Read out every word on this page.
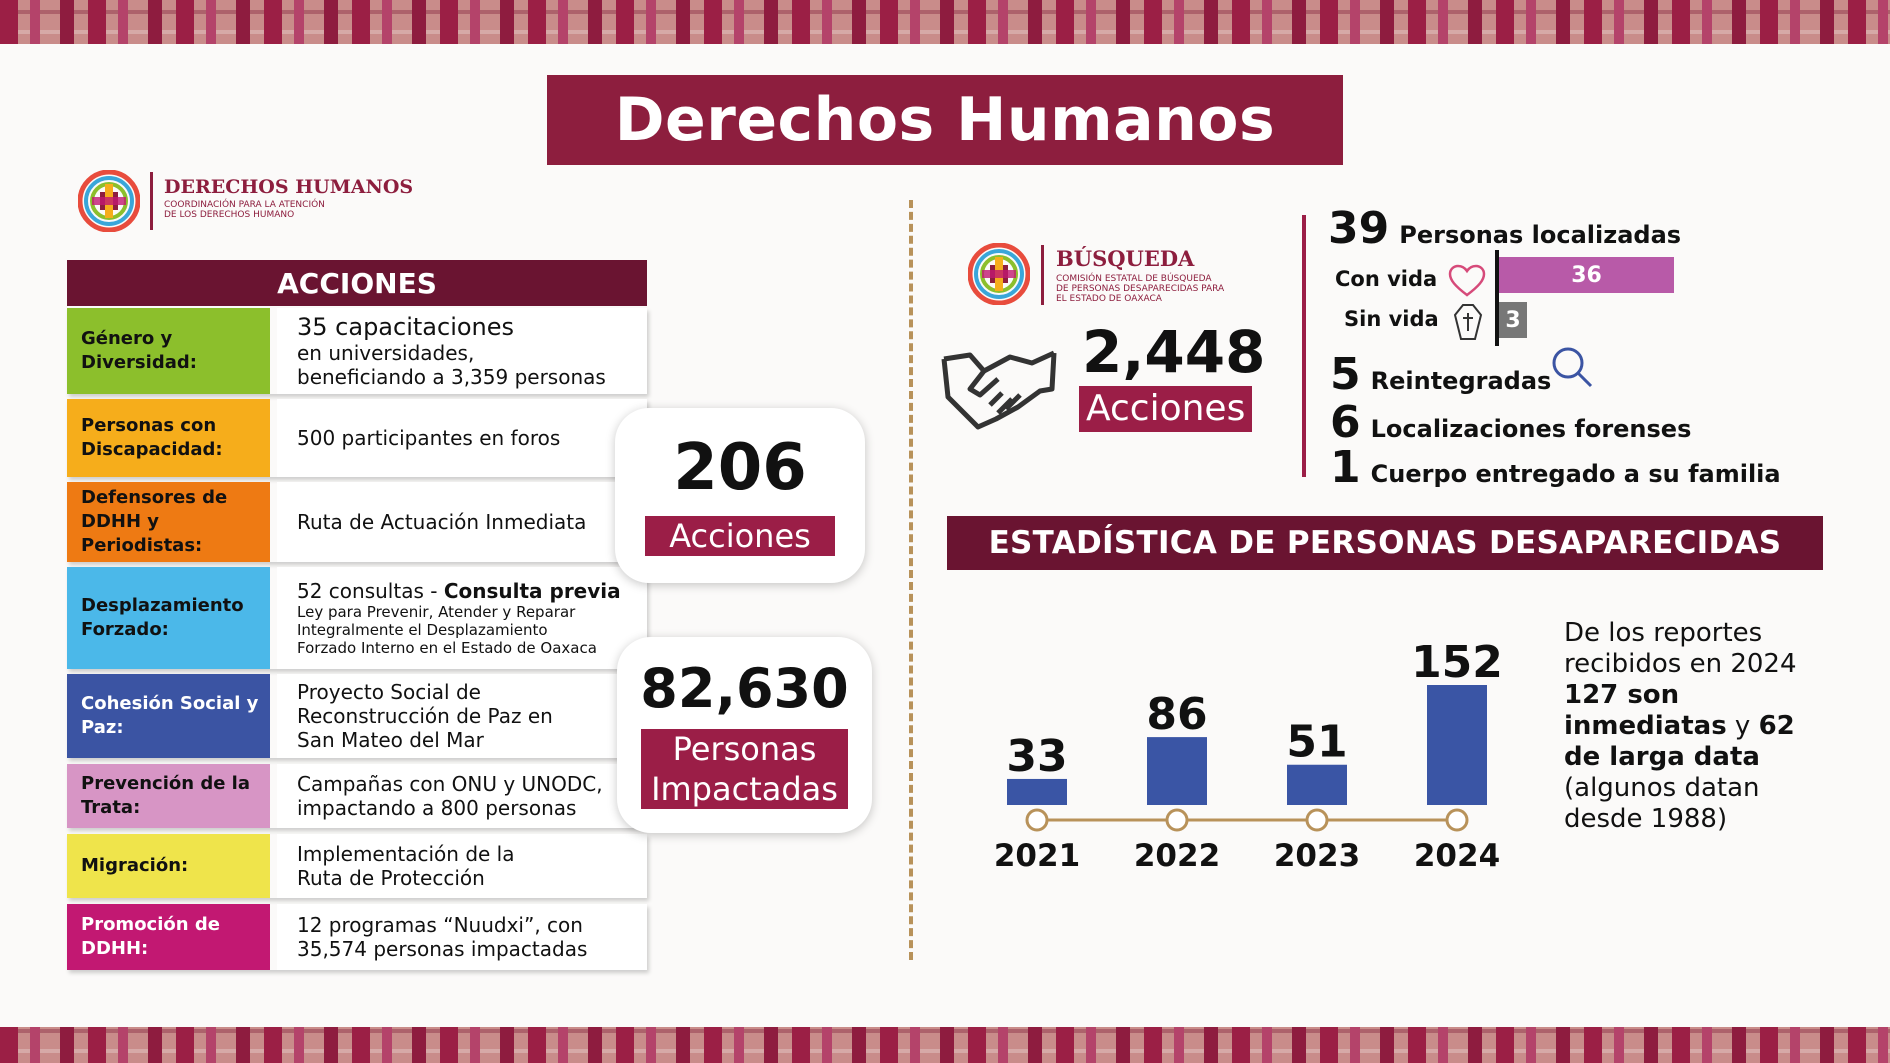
Derechos Humanos
DERECHOS HUMANOS
COORDINACIÓN PARA LA ATENCIÓN
DE LOS DERECHOS HUMANO
ACCIONES
Género y Diversidad:
35 capacitaciones
en universidades,
beneficiando a 3,359 personas
Personas con Discapacidad:	500 participantes en foros
Defensores de DDHH y Periodistas:
Ruta de Actuación Inmediata
Desplazamiento Forzado:
52 consultas - Consulta previa
Ley para Prevenir, Atender y Reparar
Integralmente el Desplazamiento
Forzado Interno en el Estado de Oaxaca
Cohesión Social y Paz:
Proyecto Social de
Reconstrucción de Paz en
San Mateo del Mar
Prevención de la Trata:
Campañas con ONU y UNODC,
impactando a 800 personas
Migración:	Implementación de la
Ruta de Protección
Promoción de DDHH:
12 programas “Nuudxi”, con
35,574 personas impactadas
206
Acciones
82,630
Personas
Impactadas
BÚSQUEDA
COMISIÓN ESTATAL DE BÚSQUEDA
DE PERSONAS DESAPARECIDAS PARA
EL ESTADO DE OAXACA
2,448
Acciones
39 Personas localizadas
Con vida
Sin vida
36
3
5 Reintegradas
6 Localizaciones forenses
1 Cuerpo entregado a su familia
ESTADÍSTICA DE PERSONAS DESAPARECIDAS
33
2021
86
2022
51
2023
152
2024
De los reportes
recibidos en 2024
127 son
inmediatas y 62
de larga data
(algunos datan
desde 1988)
